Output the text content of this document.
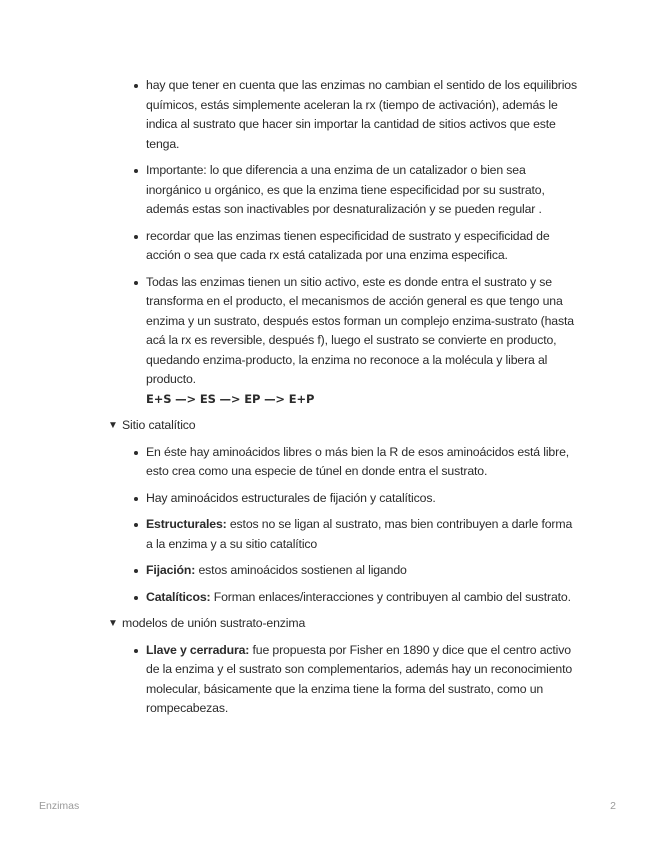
hay que tener en cuenta que las enzimas no cambian el sentido de los equilibrios químicos, estás simplemente aceleran la rx (tiempo de activación), además le indica al sustrato que hacer sin importar la cantidad de sitios activos que este tenga.
Importante: lo que diferencia a una enzima de un catalizador o bien sea inorgánico u orgánico, es que la enzima tiene especificidad por su sustrato, además estas son inactivables por desnaturalización y se pueden regular .
recordar que las enzimas tienen especificidad de sustrato y especificidad de acción o sea que cada rx está catalizada por una enzima especifica.
Todas las enzimas tienen un sitio activo, este es donde entra el sustrato y se transforma en el producto, el mecanismos de acción general es que tengo una enzima y un sustrato, después estos forman un complejo enzima-sustrato (hasta acá la rx es reversible, después f), luego el sustrato se convierte en producto, quedando enzima-producto, la enzima no reconoce a la molécula y libera al producto.
E+S —> ES —> EP —> E+P
▼ Sitio catalítico
En éste hay aminoácidos libres o más bien la R de esos aminoácidos está libre, esto crea como una especie de túnel en donde entra el sustrato.
Hay aminoácidos estructurales de fijación y catalíticos.
Estructurales: estos no se ligan al sustrato, mas bien contribuyen a darle forma a la enzima y a su sitio catalítico
Fijación: estos aminoácidos sostienen al ligando
Catalíticos: Forman enlaces/interacciones y contribuyen al cambio del sustrato.
▼ modelos de unión sustrato-enzima
Llave y cerradura: fue propuesta por Fisher en 1890 y dice que el centro activo de la enzima y el sustrato son complementarios, además hay un reconocimiento molecular, básicamente que la enzima tiene la forma del sustrato, como un rompecabezas.
Enzimas	2
